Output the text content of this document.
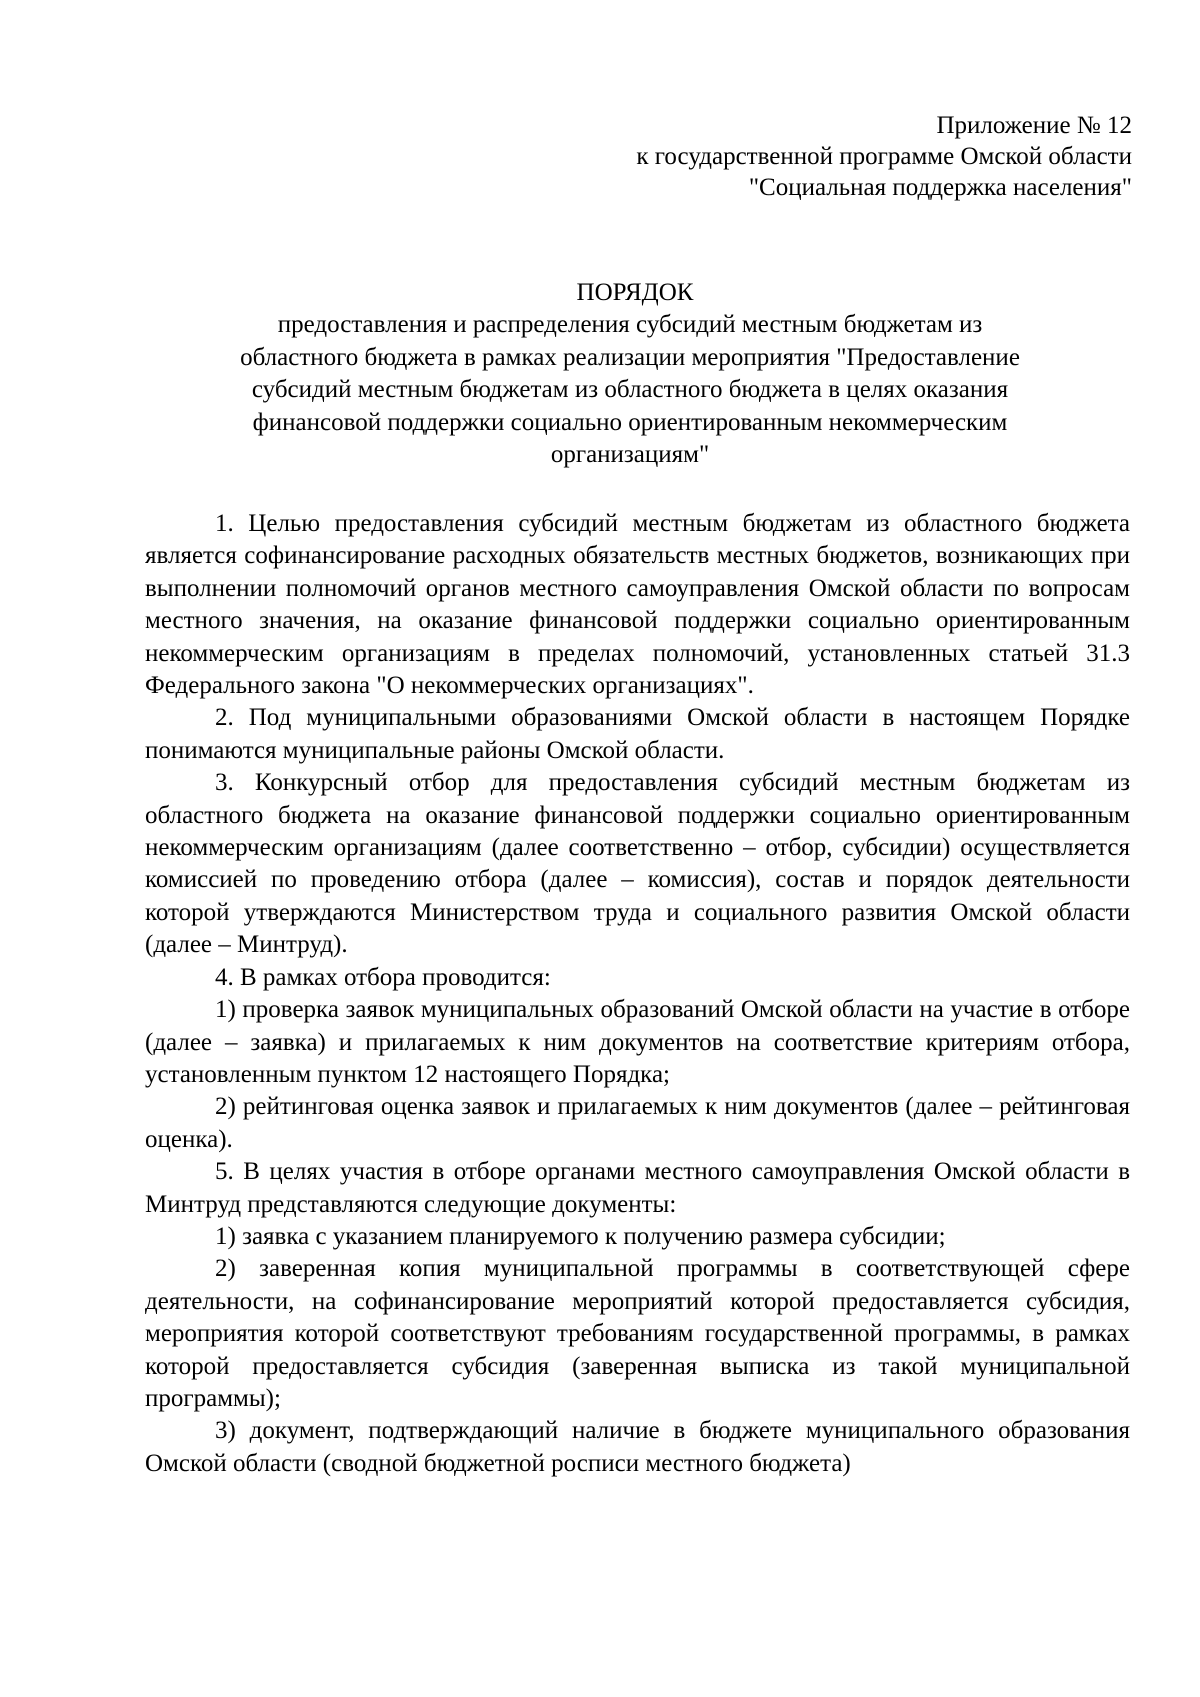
Приложение № 12
к государственной программе Омской области
"Социальная поддержка населения"
ПОРЯДОК
предоставления и распределения субсидий местным бюджетам из
областного бюджета в рамках реализации мероприятия "Предоставление
субсидий местным бюджетам из областного бюджета в целях оказания
финансовой поддержки социально ориентированным некоммерческим
организациям"

1. Целью предоставления субсидий местным бюджетам из областного бюджета является софинансирование расходных обязательств местных бюджетов, возникающих при выполнении полномочий органов местного самоуправления Омской области по вопросам местного значения, на оказание финансовой поддержки социально ориентированным некоммерческим организациям в пределах полномочий, установленных статьей 31.3 Федерального закона "О некоммерческих организациях".

2. Под муниципальными образованиями Омской области в настоящем Порядке понимаются муниципальные районы Омской области.

3. Конкурсный отбор для предоставления субсидий местным бюджетам из областного бюджета на оказание финансовой поддержки социально ориентированным некоммерческим организациям (далее соответственно – отбор, субсидии) осуществляется комиссией по проведению отбора (далее – комиссия), состав и порядок деятельности которой утверждаются Министерством труда и социального развития Омской области (далее – Минтруд).

4. В рамках отбора проводится:

1) проверка заявок муниципальных образований Омской области на участие в отборе (далее – заявка) и прилагаемых к ним документов на соответствие критериям отбора, установленным пунктом 12 настоящего Порядка;

2) рейтинговая оценка заявок и прилагаемых к ним документов (далее – рейтинговая оценка).

5. В целях участия в отборе органами местного самоуправления Омской области в Минтруд представляются следующие документы:

1) заявка с указанием планируемого к получению размера субсидии;

2) заверенная копия муниципальной программы в соответствующей сфере деятельности, на софинансирование мероприятий которой предоставляется субсидия, мероприятия которой соответствуют требованиям государственной программы, в рамках которой предоставляется субсидия (заверенная выписка из такой муниципальной программы);

3) документ, подтверждающий наличие в бюджете муниципального образования Омской области (сводной бюджетной росписи местного бюджета)
